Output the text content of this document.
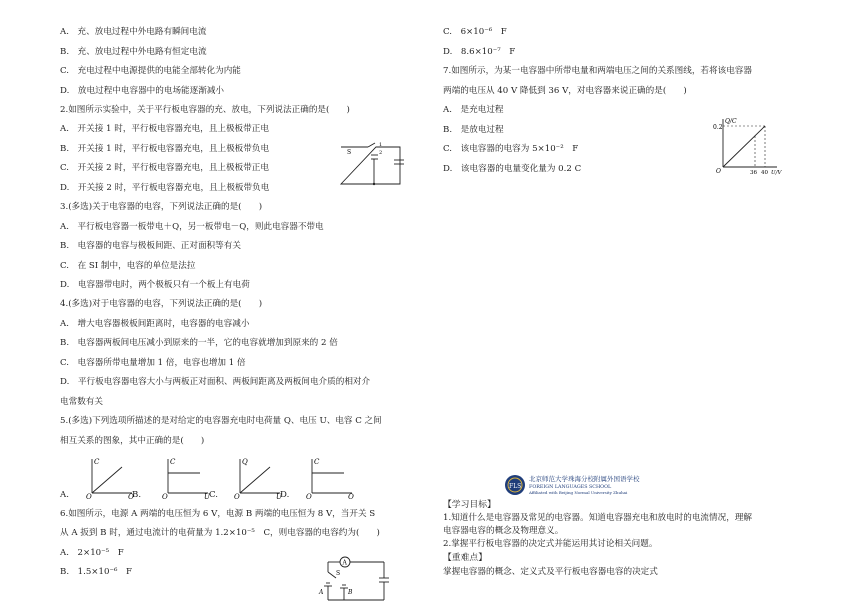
A.　充、放电过程中外电路有瞬间电流
B.　充、放电过程中外电路有恒定电流
C.　充电过程中电源提供的电能全部转化为内能
D.　放电过程中电容器中的电场能逐渐减小
2.如图所示实验中，关于平行板电容器的充、放电，下列说法正确的是(　　)
A.　开关接 1 时，平行板电容器充电，且上极板带正电
B.　开关接 1 时，平行板电容器充电，且上极板带负电
C.　开关接 2 时，平行板电容器充电，且上极板带正电
D.　开关接 2 时，平行板电容器充电，且上极板带负电
3.(多选)关于电容器的电容，下列说法正确的是(　　)
A.　平行板电容器一板带电＋Q，另一板带电－Q，则此电容器不带电
B.　电容器的电容与极板间距、正对面积等有关
C.　在 SI 制中，电容的单位是法拉
D.　电容器带电时，两个极板只有一个板上有电荷
4.(多选)对于电容器的电容，下列说法正确的是(　　)
A.　增大电容器极板间距离时，电容器的电容减小
B.　电容器两板间电压减小到原来的一半，它的电容就增加到原来的 2 倍
C.　电容器所带电量增加 1 倍，电容也增加 1 倍
D.　平行板电容器电容大小与两板正对面积、两板间距离及两板间电介质的相对介
电常数有关
5.(多选)下列选项所描述的是对给定的电容器充电时电荷量 Q、电压 U、电容 C 之间
相互关系的图象，其中正确的是(　　)
A.	B.	C.	D.
6.如图所示，电源 A 两端的电压恒为 6 V，电源 B 两端的电压恒为 8 V，当开关 S
从 A 扳到 B 时，通过电流计的电荷量为 1.2×10⁻⁵　C，则电容器的电容约为(　　)
A.　2×10⁻⁵　F
B.　1.5×10⁻⁶　F
S
1
2
C
Q
O
C
U
O
Q
U
O
C
Q
O
A
A	B
S
C.　6×10⁻⁶　F
D.　8.6×10⁻⁷　F
7.如图所示，为某一电容器中所带电量和两端电压之间的关系图线，若将该电容器
两端的电压从 40 V 降低到 36 V，对电容器来说正确的是(　　)
A.　是充电过程
B.　是放电过程
C.　该电容器的电容为 5×10⁻²　F
D.　该电容器的电量变化量为 0.2 C
【学习目标】
1.知道什么是电容器及常见的电容器。知道电容器充电和放电时的电流情况，理解
电容器电容的概念及物理意义。
2.掌握平行板电容器的决定式并能运用其讨论相关问题。
【重难点】
掌握电容器的概念、定义式及平行板电容器电容的决定式
Q/C
0.2
O	36 40 U/V
FLS
北京师范大学珠海分校附属外国语学校
FOREIGN LANGUAGES SCHOOL
Affiliated with Beijing Normal University Zhuhai
